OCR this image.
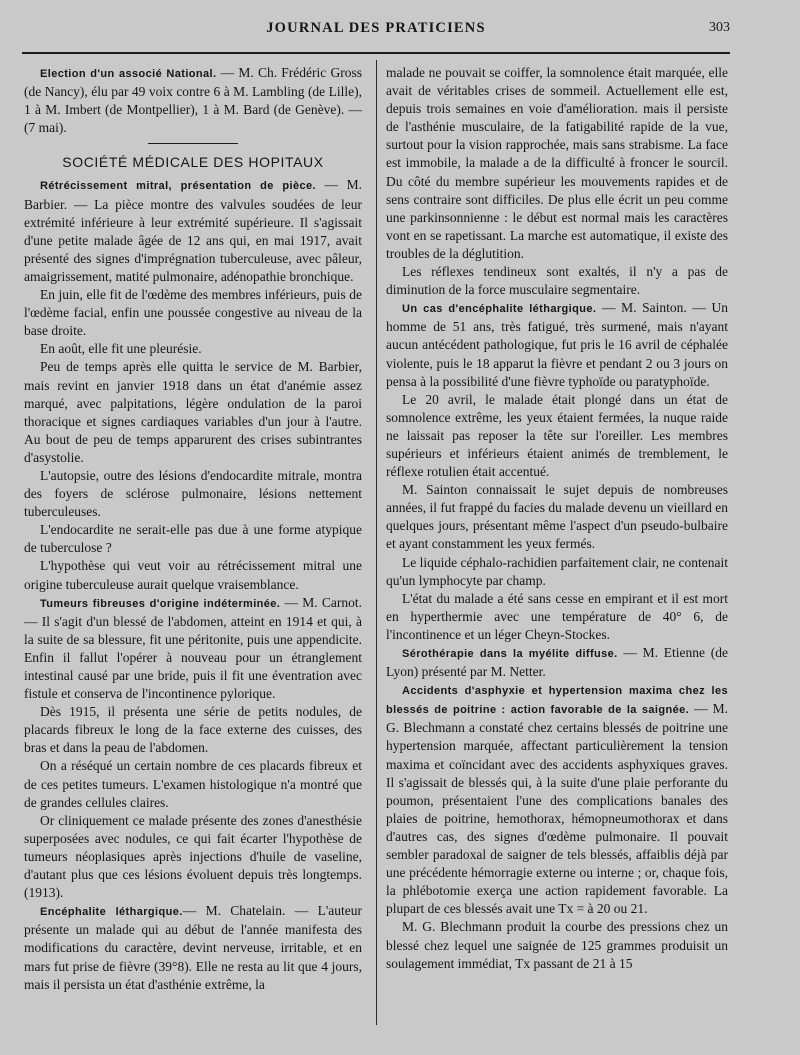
JOURNAL DES PRATICIENS	303

Election d'un associé National. — M. Ch. Frédéric Gross (de Nancy), élu par 49 voix contre 6 à M. Lambling (de Lille), 1 à M. Imbert (de Montpellier), 1 à M. Bard (de Genève). — (7 mai).

SOCIÉTÉ MÉDICALE DES HOPITAUX

Rétrécissement mitral, présentation de pièce. — M. Barbier. — La pièce montre des valvules soudées de leur extrémité inférieure à leur extrémité supérieure. Il s'agissait d'une petite malade âgée de 12 ans qui, en mai 1917, avait présenté des signes d'imprégnation tuberculeuse, avec pâleur, amaigrissement, matité pulmonaire, adénopathie bronchique.

En juin, elle fit de l'œdème des membres inférieurs, puis de l'œdème facial, enfin une poussée congestive au niveau de la base droite.

En août, elle fit une pleurésie.

Peu de temps après elle quitta le service de M. Barbier, mais revint en janvier 1918 dans un état d'anémie assez marqué, avec palpitations, légère ondulation de la paroi thoracique et signes cardiaques variables d'un jour à l'autre. Au bout de peu de temps apparurent des crises subintrantes d'asystolie.

L'autopsie, outre des lésions d'endocardite mitrale, montra des foyers de sclérose pulmonaire, lésions nettement tuberculeuses.

L'endocardite ne serait-elle pas due à une forme atypique de tuberculose ?

L'hypothèse qui veut voir au rétrécissement mitral une origine tuberculeuse aurait quelque vraisemblance.

Tumeurs fibreuses d'origine indéterminée. — M. Carnot. — Il s'agit d'un blessé de l'abdomen, atteint en 1914 et qui, à la suite de sa blessure, fit une péritonite, puis une appendicite. Enfin il fallut l'opérer à nouveau pour un étranglement intestinal causé par une bride, puis il fit une éventration avec fistule et conserva de l'incontinence pylorique.

Dès 1915, il présenta une série de petits nodules, de placards fibreux le long de la face externe des cuisses, des bras et dans la peau de l'abdomen.

On a réséqué un certain nombre de ces placards fibreux et de ces petites tumeurs. L'examen histologique n'a montré que de grandes cellules claires.

Or cliniquement ce malade présente des zones d'anesthésie superposées avec nodules, ce qui fait écarter l'hypothèse de tumeurs néoplasiques après injections d'huile de vaseline, d'autant plus que ces lésions évoluent depuis très longtemps. (1913).

Encéphalite léthargique.— M. Chatelain. — L'auteur présente un malade qui au début de l'année manifesta des modifications du caractère, devint nerveuse, irritable, et en mars fut prise de fièvre (39°8). Elle ne resta au lit que 4 jours, mais il persista un état d'asthénie extrême, la

malade ne pouvait se coiffer, la somnolence était marquée, elle avait de véritables crises de sommeil. Actuellement elle est, depuis trois semaines en voie d'amélioration. mais il persiste de l'asthénie musculaire, de la fatigabilité rapide de la vue, surtout pour la vision rapprochée, mais sans strabisme. La face est immobile, la malade a de la difficulté à froncer le sourcil. Du côté du membre supérieur les mouvements rapides et de sens contraire sont difficiles. De plus elle écrit un peu comme une parkinsonnienne : le début est normal mais les caractères vont en se rapetissant. La marche est automatique, il existe des troubles de la déglutition.

Les réflexes tendineux sont exaltés, il n'y a pas de diminution de la force musculaire segmentaire.

Un cas d'encéphalite léthargique. — M. Sainton. — Un homme de 51 ans, très fatigué, très surmené, mais n'ayant aucun antécédent pathologique, fut pris le 16 avril de céphalée violente, puis le 18 apparut la fièvre et pendant 2 ou 3 jours on pensa à la possibilité d'une fièvre typhoïde ou paratyphoïde.

Le 20 avril, le malade était plongé dans un état de somnolence extrême, les yeux étaient fermées, la nuque raide ne laissait pas reposer la tête sur l'oreiller. Les membres supérieurs et inférieurs étaient animés de tremblement, le réflexe rotulien était accentué.

M. Sainton connaissait le sujet depuis de nombreuses années, il fut frappé du facies du malade devenu un vieillard en quelques jours, présentant même l'aspect d'un pseudo-bulbaire et ayant constamment les yeux fermés.

Le liquide céphalo-rachidien parfaitement clair, ne contenait qu'un lymphocyte par champ.

L'état du malade a été sans cesse en empirant et il est mort en hyperthermie avec une température de 40° 6, de l'incontinence et un léger Cheyn-Stockes.

Sérothérapie dans la myélite diffuse. — M. Etienne (de Lyon) présenté par M. Netter.

Accidents d'asphyxie et hypertension maxima chez les blessés de poitrine : action favorable de la saignée. — M. G. Blechmann a constaté chez certains blessés de poitrine une hypertension marquée, affectant particulièrement la tension maxima et coïncidant avec des accidents asphyxiques graves. Il s'agissait de blessés qui, à la suite d'une plaie perforante du poumon, présentaient l'une des complications banales des plaies de poitrine, hemothorax, hémopneumothorax et dans d'autres cas, des signes d'œdème pulmonaire. Il pouvait sembler paradoxal de saigner de tels blessés, affaiblis déjà par une précédente hémorragie externe ou interne ; or, chaque fois, la phlébotomie exerça une action rapidement favorable. La plupart de ces blessés avait une Tx = à 20 ou 21.

M. G. Blechmann produit la courbe des pressions chez un blessé chez lequel une saignée de 125 grammes produisit un soulagement immédiat, Tx passant de 21 à 15
